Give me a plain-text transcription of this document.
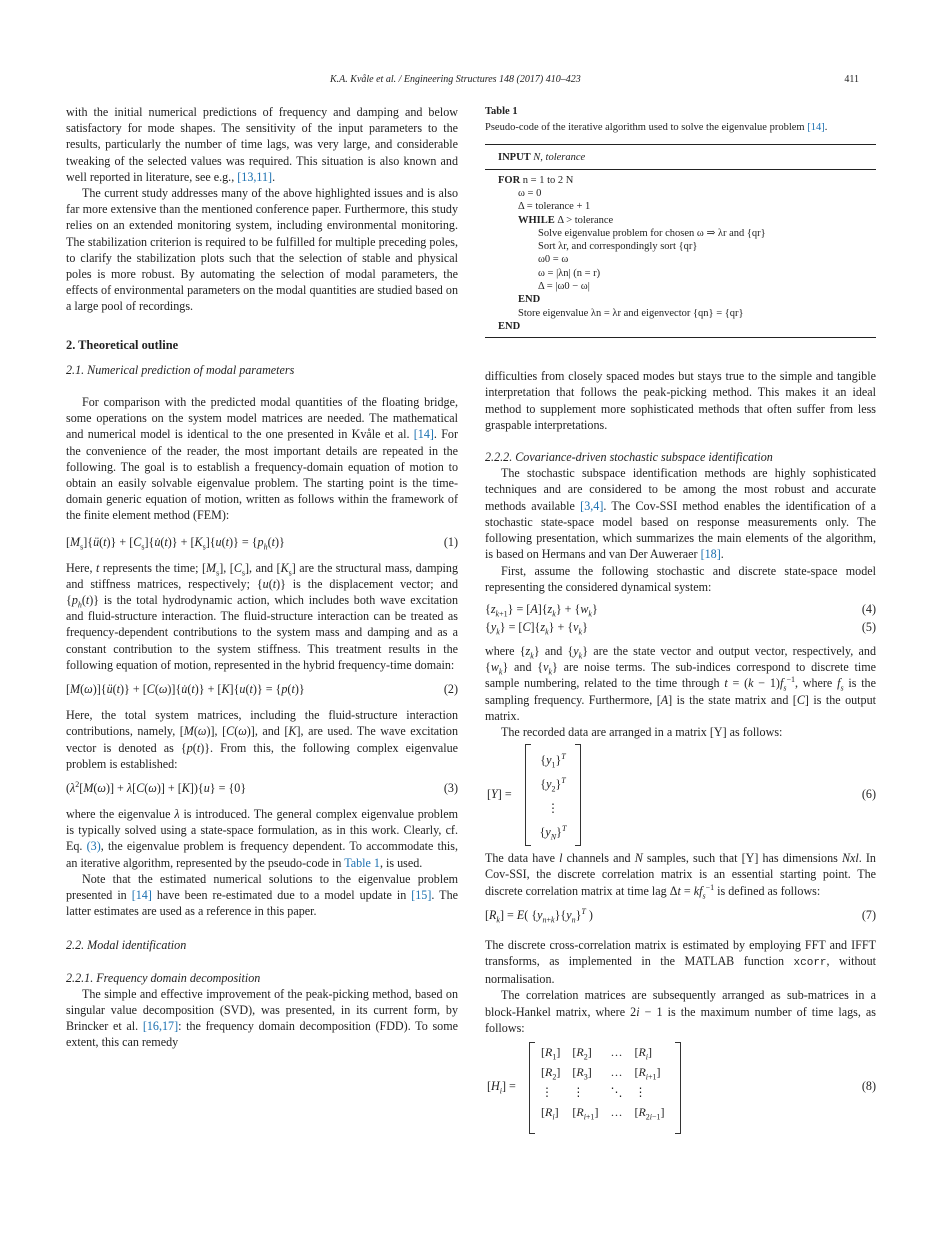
K.A. Kvåle et al. / Engineering Structures 148 (2017) 410–423	411

with the initial numerical predictions of frequency and damping and below satisfactory for mode shapes. The sensitivity of the input parameters to the results, particularly the number of time lags, was very large, and considerable tweaking of the selected values was required. This situation is also known and well reported in literature, see e.g., [13,11].

The current study addresses many of the above highlighted issues and is also far more extensive than the mentioned conference paper. Furthermore, this study relies on an extended monitoring system, including environmental monitoring. The stabilization criterion is required to be fulfilled for multiple preceding poles, to clarify the stabilization plots such that the selection of stable and physical poles is more robust. By automating the selection of modal parameters, the effects of environmental parameters on the modal quantities are studied based on a large pool of recordings.

2. Theoretical outline
2.1. Numerical prediction of modal parameters

For comparison with the predicted modal quantities of the floating bridge, some operations on the system model matrices are needed. The mathematical and numerical model is identical to the one presented in Kvåle et al. [14]. For the convenience of the reader, the most important details are repeated in the following. The goal is to establish a frequency-domain equation of motion to obtain an easily solvable eigenvalue problem. The starting point is the time-domain generic equation of motion, written as follows within the framework of the finite element method (FEM):

$[M_s]\{ü(t)\}$ + $[C_s]\{u̇(t)\} + [K_s]\{u(t)\} = \{p_h(t)\}$	(1)

Here, t represents the time; $[M_s]$, $[C_s]$, and $[K_s]$ are the structural mass, damping and stiffness matrices, respectively; {u(t)} is the displacement vector; and $\{p_h(t)\}$ is the total hydrodynamic action, which includes both wave excitation and fluid-structure interaction. The fluid-structure interaction can be treated as frequency-dependent contributions to the system mass and damping and as a constant contribution to the system stiffness. This treatment results in the following equation of motion, represented in the hybrid frequency-time domain:

[M(ω)]{ü(t)} + [C(ω)]{u̇(t)} + [K]{u(t)} = {p(t)}	(2)

Here, the total system matrices, including the fluid-structure interaction contributions, namely, [M(ω)], [C(ω)], and [K], are used. The wave excitation vector is denoted as {p(t)}. From this, the following complex eigenvalue problem is established:

$(\lambda^2[M(\omega)] + \lambda[C(\omega)] + [K])\{u\} = \{0\}$	(3)

where the eigenvalue λ is introduced. The general complex eigenvalue problem is typically solved using a state-space formulation, as in this work. Clearly, cf. Eq. (3), the eigenvalue problem is frequency dependent. To accommodate this, an iterative algorithm, represented by the pseudo-code in Table 1, is used.

Note that the estimated numerical solutions to the eigenvalue problem presented in [14] have been re-estimated due to a model update in [15]. The latter estimates are used as a reference in this paper.

2.2. Modal identification
2.2.1. Frequency domain decomposition

The simple and effective improvement of the peak-picking method, based on singular value decomposition (SVD), was presented, in its current form, by Brincker et al. [16,17]: the frequency domain decomposition (FDD). To some extent, this can remedy

Table 1
Pseudo-code of the iterative algorithm used to solve the eigenvalue problem [14].
INPUT N, tolerance
FOR n = 1 to 2 N
ω = 0
Δ = tolerance + 1
WHILE Δ > tolerance
Solve eigenvalue problem for chosen ω ⇒ λr and {qr}
Sort λr, and correspondingly sort {qr}
ω0 = ω
ω = |λn| (n = r)
Δ = |ω0 − ω|
END
Store eigenvalue λn = λr and eigenvector {qn} = {qr}
END

difficulties from closely spaced modes but stays true to the simple and tangible interpretation that follows the peak-picking method. This makes it an ideal method to supplement more sophisticated methods that often suffer from less graspable interpretations.

2.2.2. Covariance-driven stochastic subspace identification

The stochastic subspace identification methods are highly sophisticated techniques and are considered to be among the most robust and accurate methods available [3,4]. The Cov-SSI method enables the identification of a stochastic state-space model based on response measurements only. The following presentation, which summarizes the main elements of the algorithm, is based on Hermans and van Der Auweraer [18].

First, assume the following stochastic and discrete state-space model representing the considered dynamical system:

$\{z_{k+1}\} = [A]\{z_k\} + \{w_k\}$	(4)
$\{y_k\} = [C]\{z_k\} + \{v_k\}$	(5)

where $\{z_k\}$ and $\{y_k\}$ are the state vector and output vector, respectively, and $\{w_k\}$ and $\{v_k\}$ are noise terms. The sub-indices correspond to discrete time sample numbering, related to the time through $t = (k - 1)f_s^{-1}$, where $f_s$ is the sampling frequency. Furthermore, [A] is the state matrix and [C] is the output matrix.

The recorded data are arranged in a matrix [Y] as follows:

[Y] =
$\{y_1\}^T$
$\{y_2\}^T$
⋮
$\{y_N\}^T$
(6)

The data have l channels and N samples, such that [Y] has dimensions Nxl. In Cov-SSI, the discrete correlation matrix is an essential starting point. The discrete correlation matrix at time lag $\Delta t = kf_s^{-1}$ is defined as follows:

$[R_k] = E$( $\{y_{n+k}\}\{y_n\}^T$ )	(7)

The discrete cross-correlation matrix is estimated by employing FFT and IFFT transforms, as implemented in the MATLAB function xcorr, without normalisation.

The correlation matrices are subsequently arranged as sub-matrices in a block-Hankel matrix, where 2i − 1 is the maximum number of time lags, as follows:

$[H_i]$ =
$[R_1]$	$[R_2]$	…	$[R_i]$
$[R_2]$	$[R_3]$	…	$[R_{i+1}]$
⋮	⋮	⋱	⋮
$[R_i]$	$[R_{i+1}]$	…	$[R_{2i-1}]$
(8)
